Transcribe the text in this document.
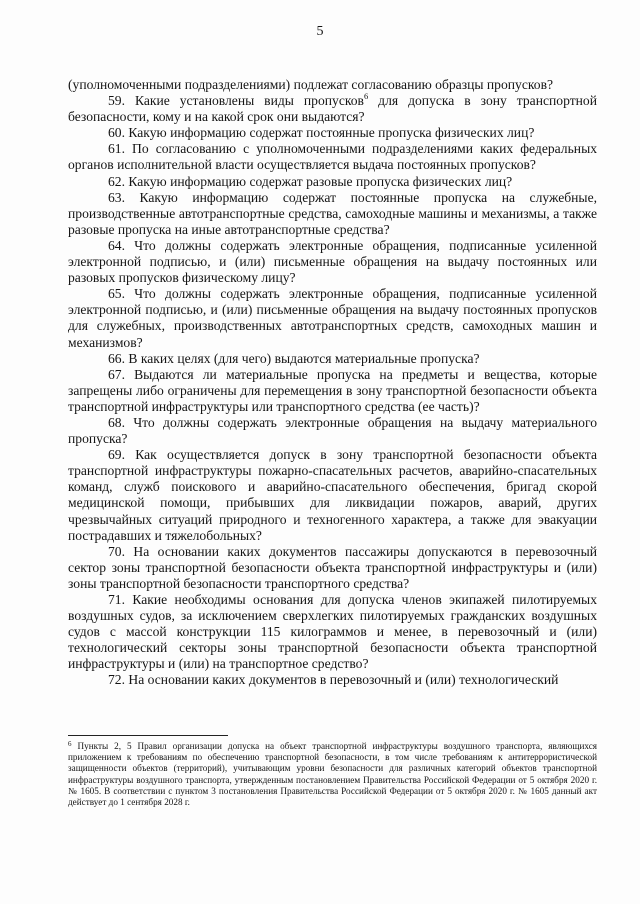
5

(уполномоченными подразделениями) подлежат согласованию образцы пропусков?

59. Какие установлены виды пропусков$^6$ для допуска в зону транспортной безопасности, кому и на какой срок они выдаются?

60. Какую информацию содержат постоянные пропуска физических лиц?

61. По согласованию с уполномоченными подразделениями каких федеральных органов исполнительной власти осуществляется выдача постоянных пропусков?

62. Какую информацию содержат разовые пропуска физических лиц?

63. Какую информацию содержат постоянные пропуска на служебные, производственные автотранспортные средства, самоходные машины и механизмы, а также разовые пропуска на иные автотранспортные средства?

64. Что должны содержать электронные обращения, подписанные усиленной электронной подписью, и (или) письменные обращения на выдачу постоянных или разовых пропусков физическому лицу?

65. Что должны содержать электронные обращения, подписанные усиленной электронной подписью, и (или) письменные обращения на выдачу постоянных пропусков для служебных, производственных автотранспортных средств, самоходных машин и механизмов?

66. В каких целях (для чего) выдаются материальные пропуска?

67. Выдаются ли материальные пропуска на предметы и вещества, которые запрещены либо ограничены для перемещения в зону транспортной безопасности объекта транспортной инфраструктуры или транспортного средства (ее часть)?

68. Что должны содержать электронные обращения на выдачу материального пропуска?

69. Как осуществляется допуск в зону транспортной безопасности объекта транспортной инфраструктуры пожарно-спасательных расчетов, аварийно-спасательных команд, служб поискового и аварийно-спасательного обеспечения, бригад скорой медицинской помощи, прибывших для ликвидации пожаров, аварий, других чрезвычайных ситуаций природного и техногенного характера, а также для эвакуации пострадавших и тяжелобольных?

70. На основании каких документов пассажиры допускаются в перевозочный сектор зоны транспортной безопасности объекта транспортной инфраструктуры и (или) зоны транспортной безопасности транспортного средства?

71. Какие необходимы основания для допуска членов экипажей пилотируемых воздушных судов, за исключением сверхлегких пилотируемых гражданских воздушных судов с массой конструкции 115 килограммов и менее, в перевозочный и (или) технологический секторы зоны транспортной безопасности объекта транспортной инфраструктуры и (или) на транспортное средство?

72. На основании каких документов в перевозочный и (или) технологический

$^6$ Пункты 2, 5 Правил организации допуска на объект транспортной инфраструктуры воздушного транспорта, являющихся приложением к требованиям по обеспечению транспортной безопасности, в том числе требованиям к антитеррористической защищенности объектов (территорий), учитывающим уровни безопасности для различных категорий объектов транспортной инфраструктуры воздушного транспорта, утвержденным постановлением Правительства Российской Федерации от 5 октября 2020 г. № 1605. В соответствии с пунктом 3 постановления Правительства Российской Федерации от 5 октября 2020 г. № 1605 данный акт действует до 1 сентября 2028 г.
